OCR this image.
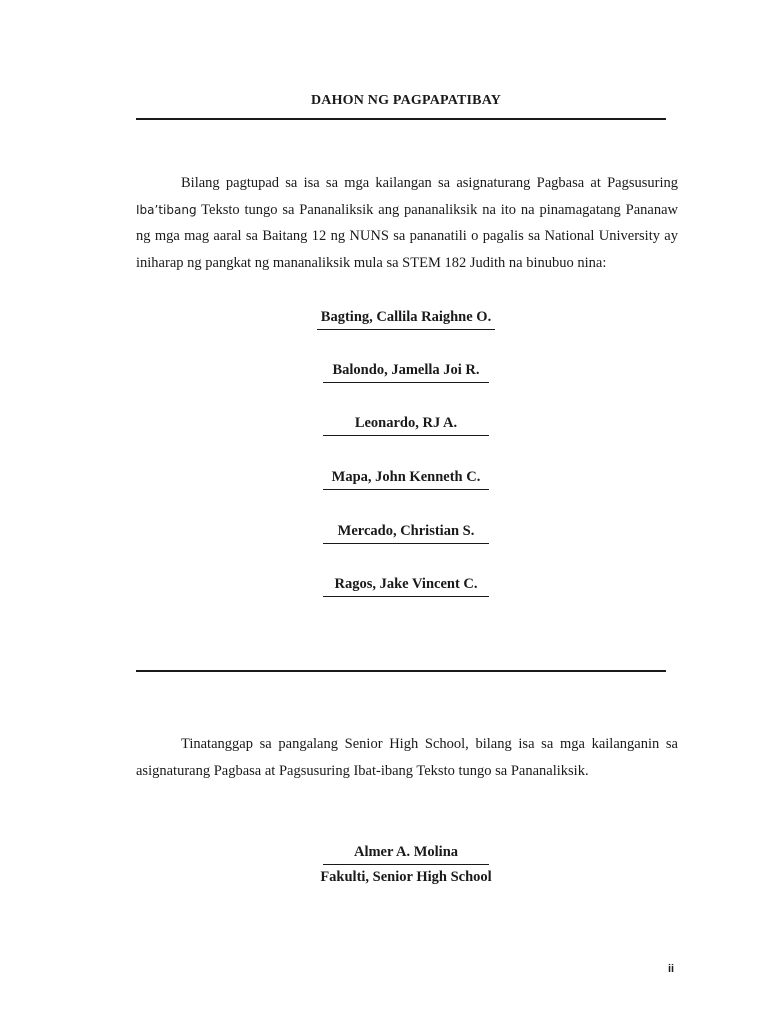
DAHON NG PAGPAPATIBAY

Bilang pagtupad sa isa sa mga kailangan sa asignaturang Pagbasa at Pagsusuring Iba’tibang Teksto tungo sa Pananaliksik ang pananaliksik na ito na pinamagatang Pananaw ng mga mag aaral sa Baitang 12 ng NUNS sa pananatili o pagalis sa National University ay iniharap ng pangkat ng mananaliksik mula sa STEM 182 Judith na binubuo nina:

Bagting, Callila Raighne O.
Balondo, Jamella Joi R.
Leonardo, RJ A.
Mapa, John Kenneth C.
Mercado, Christian S.
Ragos, Jake Vincent C.

Tinatanggap sa pangalang Senior High School, bilang isa sa mga kailanganin sa asignaturang Pagbasa at Pagsusuring Ibat-ibang Teksto tungo sa Pananaliksik.

Almer A. Molina
Fakulti, Senior High School
ii
